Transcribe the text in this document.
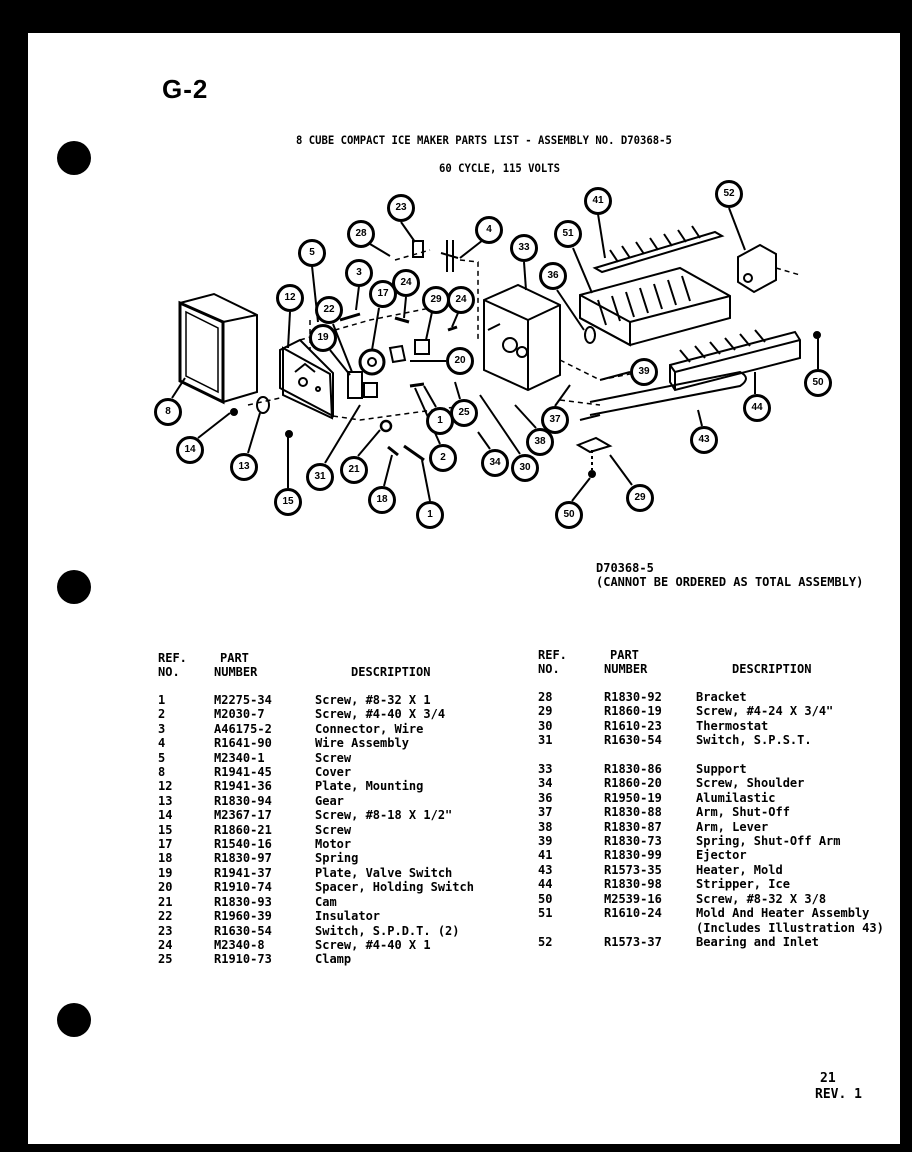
G-2
8 CUBE COMPACT ICE MAKER PARTS LIST - ASSEMBLY NO. D70368-5
60 CYCLE, 115 VOLTS
23
4
28
5
3
33
41
52
51
36
12
22
17
24
29	24
19
20
39
50
8
1
25
37
44
38	43
14
2	34	30
13
31
21
18	29
15
1	50
D70368-5
(CANNOT BE ORDERED AS TOTAL ASSEMBLY)
REF.
NO.
PART
NUMBER
	DESCRIPTION
1	M2275-34	Screw, #8-32 X 1
2	M2030-7	Screw, #4-40 X 3/4
3	A46175-2	Connector, Wire
4	R1641-90	Wire Assembly
5	M2340-1	Screw
8	R1941-45	Cover
12	R1941-36	Plate, Mounting
13	R1830-94	Gear
14	M2367-17	Screw, #8-18 X 1/2"
15	R1860-21	Screw
17	R1540-16	Motor
18	R1830-97	Spring
19	R1941-37	Plate, Valve Switch
20	R1910-74	Spacer, Holding Switch
21	R1830-93	Cam
22	R1960-39	Insulator
23	R1630-54	Switch, S.P.D.T. (2)
24	M2340-8	Screw, #4-40 X 1
25	R1910-73	Clamp
REF.
NO.
PART
NUMBER
	DESCRIPTION
28	R1830-92	Bracket
29	R1860-19	Screw, #4-24 X 3/4"
30	R1610-23	Thermostat
31	R1630-54	Switch, S.P.S.T.

33	R1830-86	Support
34	R1860-20	Screw, Shoulder
36	R1950-19	Alumilastic
37	R1830-88	Arm, Shut-Off
38	R1830-87	Arm, Lever
39	R1830-73	Spring, Shut-Off Arm
41	R1830-99	Ejector
43	R1573-35	Heater, Mold
44	R1830-98	Stripper, Ice
50	M2539-16	Screw, #8-32 X 3/8
51	R1610-24	Mold And Heater Assembly

(Includes Illustration 43)
52	R1573-37	Bearing and Inlet
21
REV. 1
